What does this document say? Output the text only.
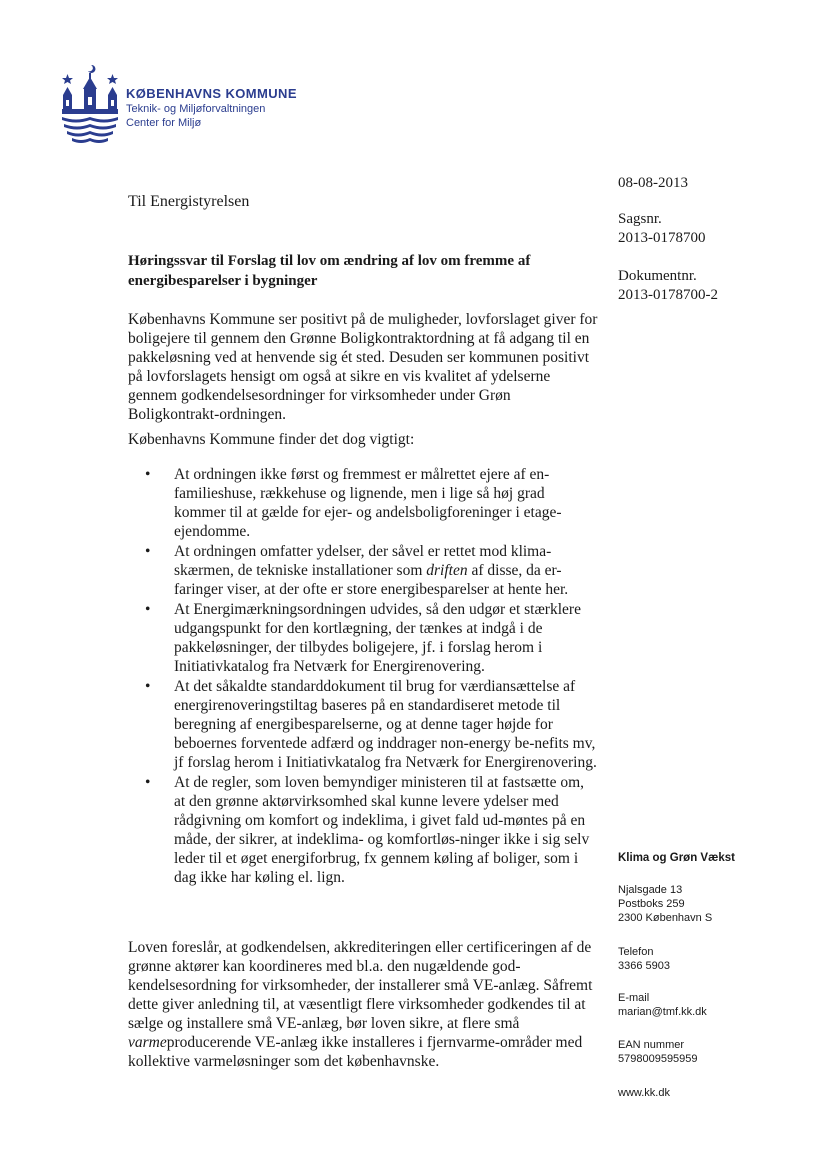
KØBENHAVNS KOMMUNE
Teknik- og Miljøforvaltningen
Center for Miljø
08-08-2013
Sagsnr.
2013-0178700
Dokumentnr.
2013-0178700-2
Til Energistyrelsen

Høringssvar til Forslag til lov om ændring af lov om fremme af energibesparelser i bygninger

Københavns Kommune ser positivt på de muligheder, lovforslaget giver for boligejere til gennem den Grønne Boligkontraktordning at få adgang til en pakkeløsning ved at henvende sig ét sted. Desuden ser kommunen positivt på lovforslagets hensigt om også at sikre en vis kvalitet af ydelserne gennem godkendelsesordninger for virksomheder under Grøn Boligkontrakt-ordningen.

Københavns Kommune finder det dog vigtigt:

• At ordningen ikke først og fremmest er målrettet ejere af en-familieshuse, rækkehuse og lignende, men i lige så høj grad kommer til at gælde for ejer- og andelsboligforeninger i etage-ejendomme.
• At ordningen omfatter ydelser, der såvel er rettet mod klima-skærmen, de tekniske installationer som driften af disse, da er-faringer viser, at der ofte er store energibesparelser at hente her.
• At Energimærkningsordningen udvides, så den udgør et stærklere udgangspunkt for den kortlægning, der tænkes at indgå i de pakkeløsninger, der tilbydes boligejere, jf. i forslag herom i Initiativkatalog fra Netværk for Energirenovering.
• At det såkaldte standarddokument til brug for værdiansættelse af energirenoveringstiltag baseres på en standardiseret metode til beregning af energibesparelserne, og at denne tager højde for beboernes forventede adfærd og inddrager non-energy be-nefits mv, jf forslag herom i Initiativkatalog fra Netværk for Energirenovering.
• At de regler, som loven bemyndiger ministeren til at fastsætte om, at den grønne aktørvirksomhed skal kunne levere ydelser med rådgivning om komfort og indeklima, i givet fald ud-møntes på en måde, der sikrer, at indeklima- og komfortløs-ninger ikke i sig selv leder til et øget energiforbrug, fx gennem køling af boliger, som i dag ikke har køling el. lign.

Loven foreslår, at godkendelsen, akkrediteringen eller certificeringen af de grønne aktører kan koordineres med bl.a. den nugældende god-kendelsesordning for virksomheder, der installerer små VE-anlæg. Såfremt dette giver anledning til, at væsentligt flere virksomheder godkendes til at sælge og installere små VE-anlæg, bør loven sikre, at flere små varmeproducerende VE-anlæg ikke installeres i fjernvarme-områder med kollektive varmeløsninger som det københavnske.

Klima og Grøn Vækst
Njalsgade 13
Postboks 259
2300 København S
Telefon
3366 5903
E-mail
marian@tmf.kk.dk
EAN nummer
5798009595959
www.kk.dk
